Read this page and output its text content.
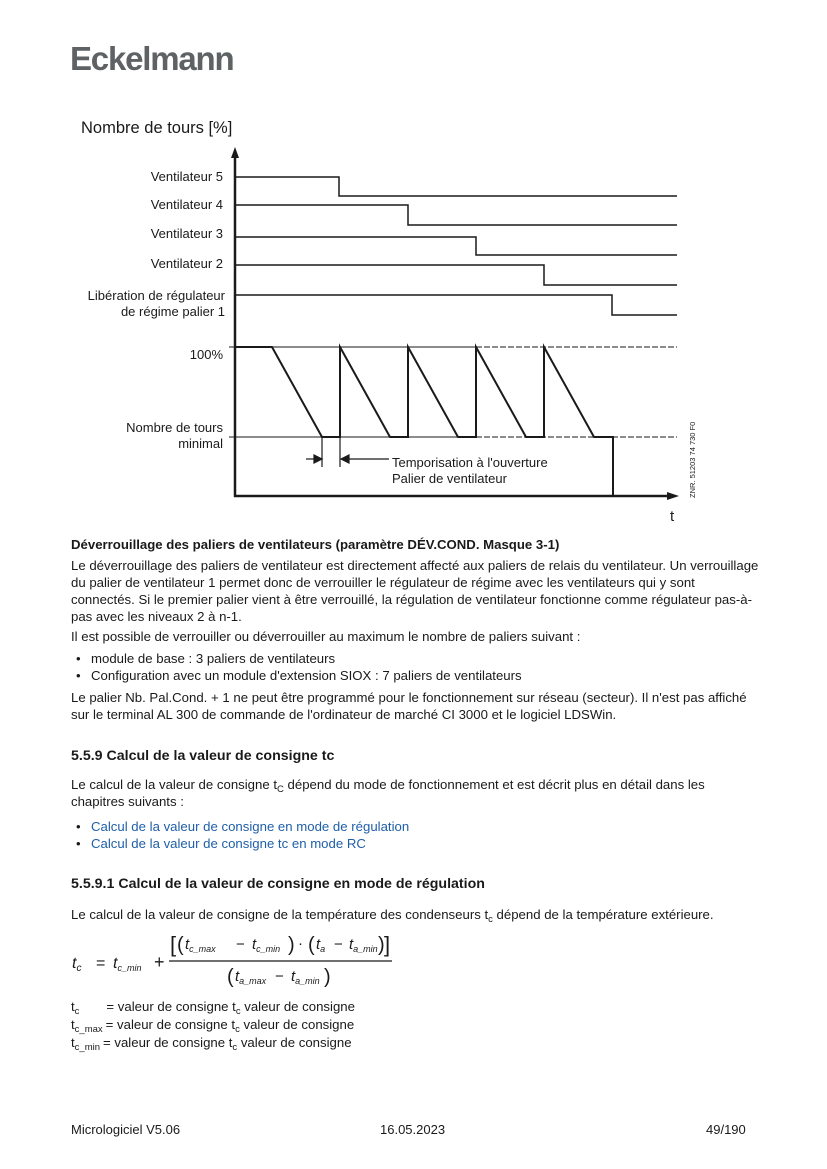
Eckelmann
Nombre de tours [%]
Ventilateur 5
Ventilateur 4
Ventilateur 3
Ventilateur 2
Libération de régulateur
de régime palier 1
100%
Nombre de tours
minimal
Temporisation à l'ouverture
Palier de ventilateur
t
ZNR. 51203 74 730 F0
Déverrouillage des paliers de ventilateurs (paramètre DÉV.COND. Masque 3-1)
Le déverrouillage des paliers de ventilateur est directement affecté aux paliers de relais du ventilateur. Un verrouillage du palier de ventilateur 1 permet donc de verrouiller le régulateur de régime avec les ventilateurs qui y sont connectés. Si le premier palier vient à être verrouillé, la régulation de ventilateur fonctionne comme régulateur pas-à-pas avec les niveaux 2 à n-1.
Il est possible de verrouiller ou déverrouiller au maximum le nombre de paliers suivant :
• module de base : 3 paliers de ventilateurs
• Configuration avec un module d'extension SIOX : 7 paliers de ventilateurs
Le palier Nb. Pal.Cond. + 1 ne peut être programmé pour le fonctionnement sur réseau (secteur). Il n'est pas affiché sur le terminal AL 300 de commande de l'ordinateur de marché CI 3000 et le logiciel LDSWin.
5.5.9 Calcul de la valeur de consigne tc
Le calcul de la valeur de consigne $t_C$ dépend du mode de fonctionnement et est décrit plus en détail dans les chapitres suivants :
• Calcul de la valeur de consigne en mode de régulation
• Calcul de la valeur de consigne tc en mode RC
5.5.9.1 Calcul de la valeur de consigne en mode de régulation
Le calcul de la valeur de consigne de la température des condenseurs $t_c$ dépend de la température extérieure.
tc = tc_min +
[ ( $t_{c\_max} - t_{c\_min}$ ) · ( $t_a - t_{a\_min}$ ) ]
( $t_{a\_max} - t_{a\_min}$ )
$t_c$ = valeur de consigne $t_c$ valeur de consigne
$t_{c\_max}$ = valeur de consigne $t_c$ valeur de consigne
$t_{c\_min}$ = valeur de consigne $t_c$ valeur de consigne
Micrologiciel V5.06	16.05.2023	49/190
